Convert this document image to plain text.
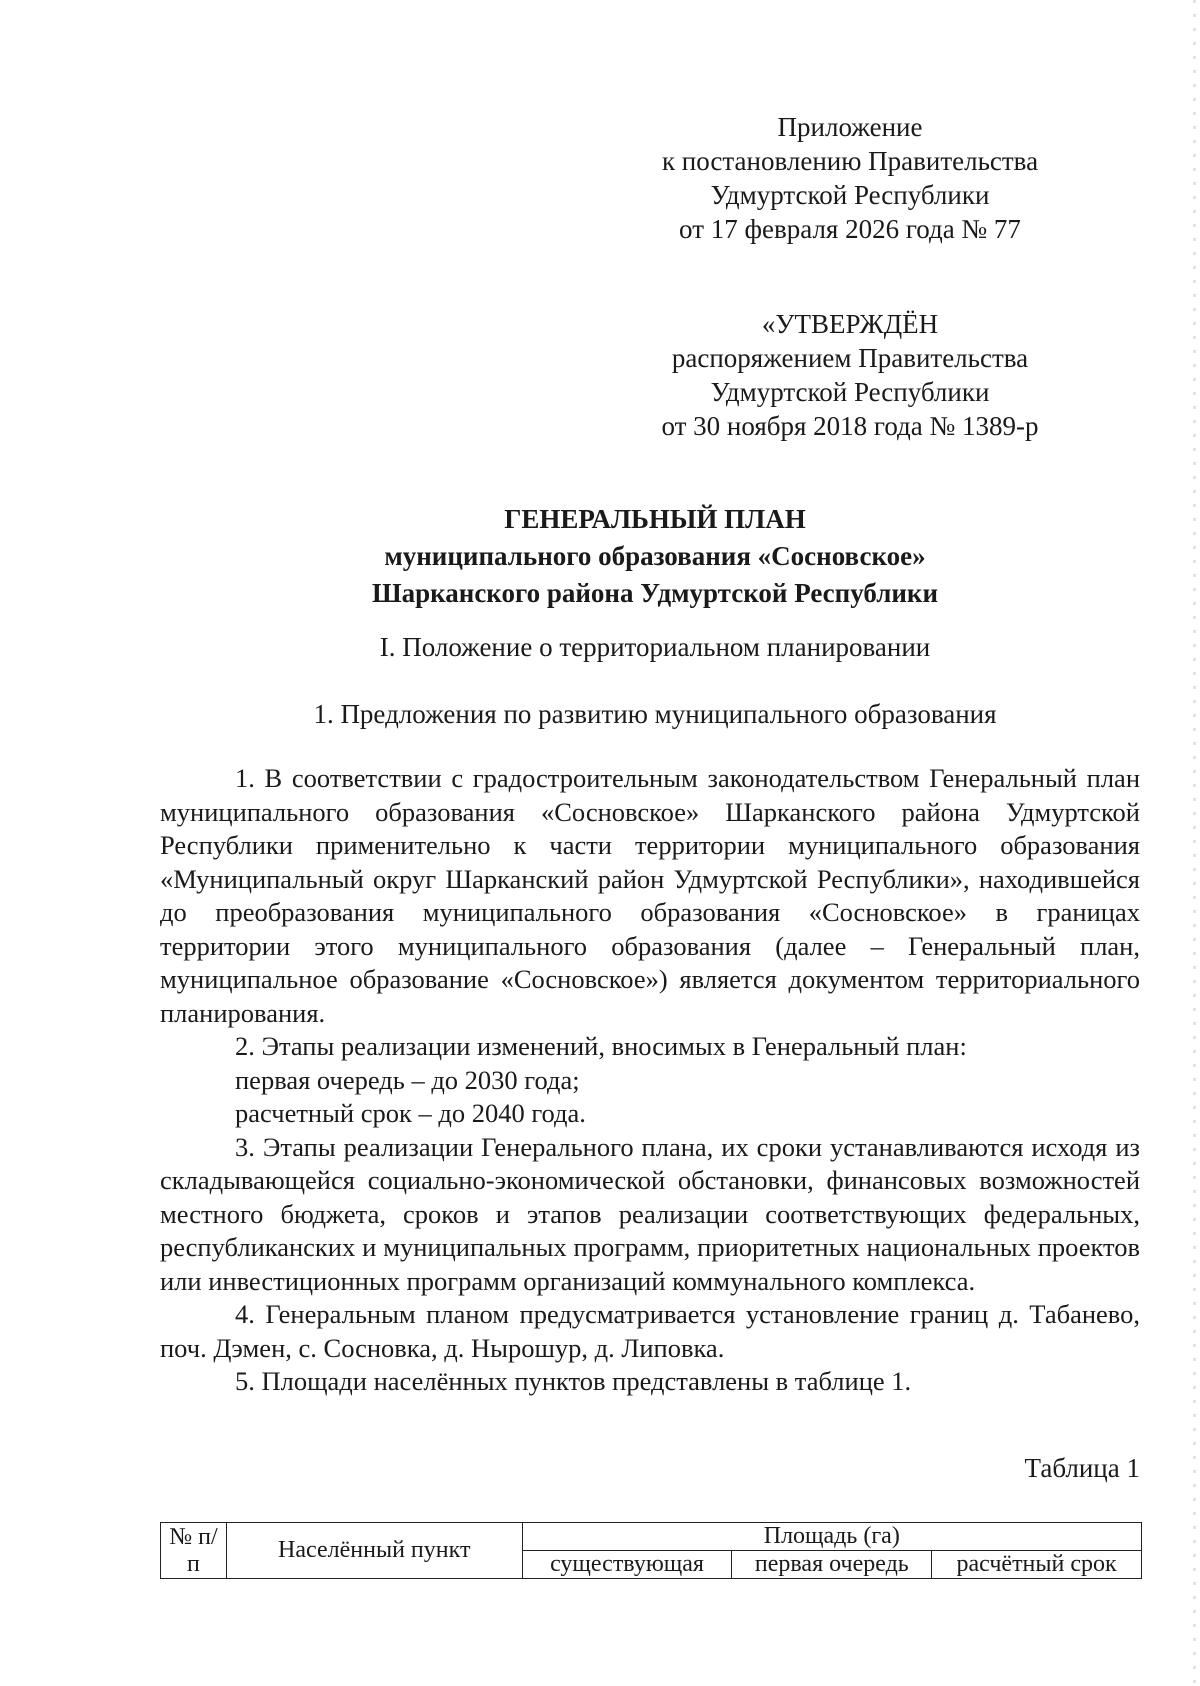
Приложение
к постановлению Правительства
Удмуртской Республики
от 17 февраля 2026 года № 77
«УТВЕРЖДЁН
распоряжением Правительства
Удмуртской Республики
от 30 ноября 2018 года № 1389-р
ГЕНЕРАЛЬНЫЙ ПЛАН
муниципального образования «Сосновское»
Шарканского района Удмуртской Республики
I. Положение о территориальном планировании
1. Предложения по развитию муниципального образования

1. В соответствии с градостроительным законодательством Генеральный план муниципального образования «Сосновское» Шарканского района Удмуртской Республики применительно к части территории муниципального образования «Муниципальный округ Шарканский район Удмуртской Республики», находившейся до преобразования муниципального образования «Сосновское» в границах территории этого муниципального образования (далее – Генеральный план, муниципальное образование «Сосновское») является документом территориального планирования.

2. Этапы реализации изменений, вносимых в Генеральный план:

первая очередь – до 2030 года;

расчетный срок – до 2040 года.

3. Этапы реализации Генерального плана, их сроки устанавливаются исходя из складывающейся социально-экономической обстановки, финансовых возможностей местного бюджета, сроков и этапов реализации соответствующих федеральных, республиканских и муниципальных программ, приоритетных национальных проектов или инвестиционных программ организаций коммунального комплекса.

4. Генеральным планом предусматривается установление границ д. Табанево, поч. Дэмен, с. Сосновка, д. Нырошур, д. Липовка.

5. Площади населённых пунктов представлены в таблице 1.

Таблица 1
№ п/п	Населённый пункт	Площадь (га)		
		существующая	первая очередь	расчётный срок
